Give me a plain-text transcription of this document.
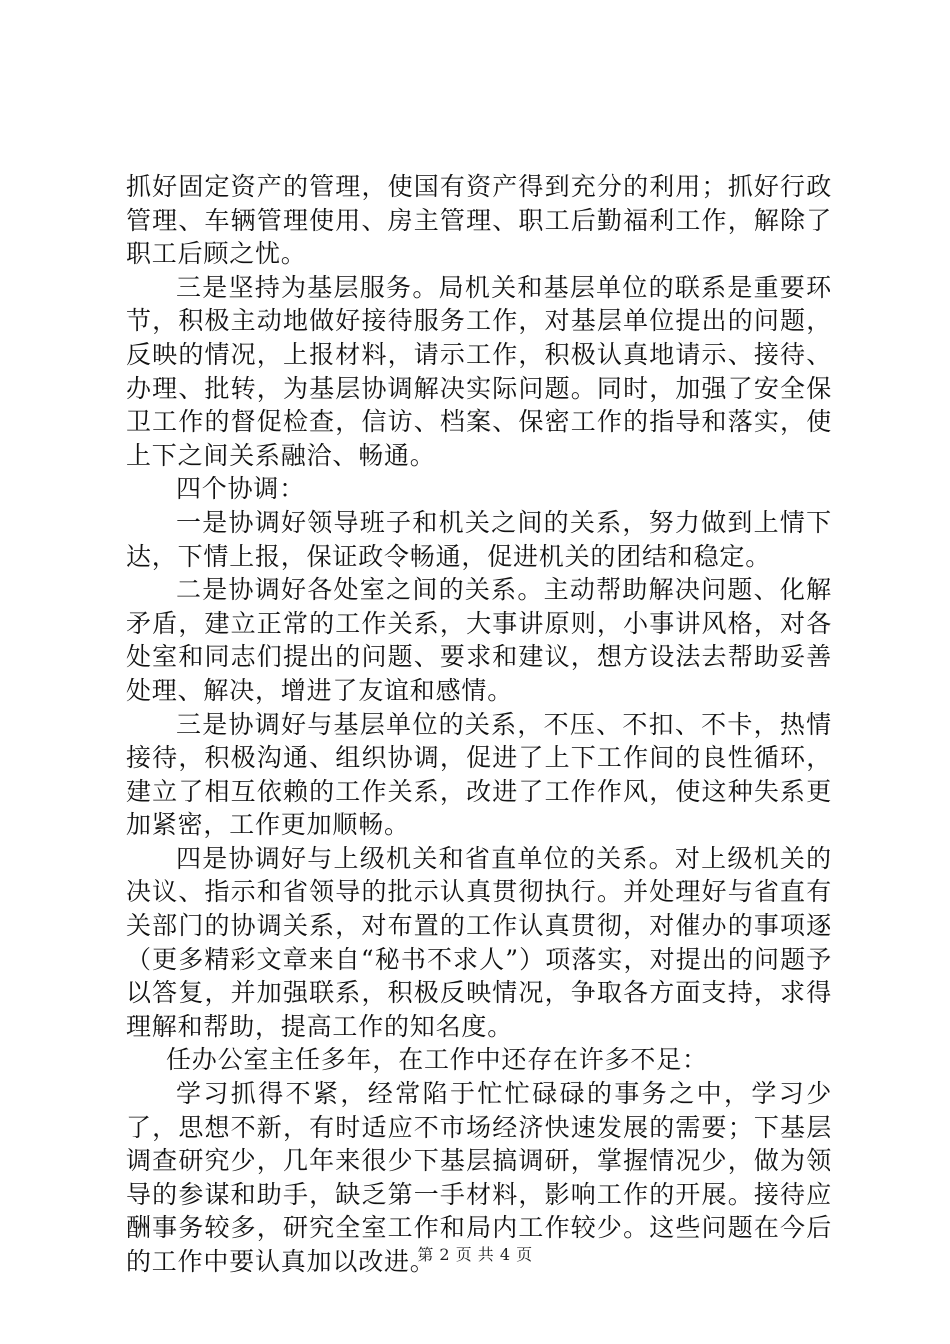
抓好固定资产的管理，使国有资产得到充分的利用；抓好行政管理、车辆管理使用、房主管理、职工后勤福利工作，解除了职工后顾之忧。

三是坚持为基层服务。局机关和基层单位的联系是重要环节，积极主动地做好接待服务工作，对基层单位提出的问题，反映的情况，上报材料，请示工作，积极认真地请示、接待、办理、批转，为基层协调解决实际问题。同时，加强了安全保卫工作的督促检查，信访、档案、保密工作的指导和落实，使上下之间关系融洽、畅通。

四个协调：

一是协调好领导班子和机关之间的关系，努力做到上情下达，下情上报，保证政令畅通，促进机关的团结和稳定。

二是协调好各处室之间的关系。主动帮助解决问题、化解矛盾，建立正常的工作关系，大事讲原则，小事讲风格，对各处室和同志们提出的问题、要求和建议，想方设法去帮助妥善处理、解决，增进了友谊和感情。

三是协调好与基层单位的关系，不压、不扣、不卡，热情接待，积极沟通、组织协调，促进了上下工作间的良性循环，建立了相互依赖的工作关系，改进了工作作风，使这种失系更加紧密，工作更加顺畅。

四是协调好与上级机关和省直单位的关系。对上级机关的决议、指示和省领导的批示认真贯彻执行。并处理好与省直有关部门的协调关系，对布置的工作认真贯彻，对催办的事项逐（更多精彩文章来自“秘书不求人”）项落实，对提出的问题予以答复，并加强联系，积极反映情况，争取各方面支持，求得理解和帮助，提高工作的知名度。

任办公室主任多年，在工作中还存在许多不足：

学习抓得不紧，经常陷于忙忙碌碌的事务之中，学习少了，思想不新，有时适应不市场经济快速发展的需要；下基层调查研究少，几年来很少下基层搞调研，掌握情况少，做为领导的参谋和助手，缺乏第一手材料，影响工作的开展。接待应酬事务较多，研究全室工作和局内工作较少。这些问题在今后的工作中要认真加以改进。

第 2 页 共 4 页
